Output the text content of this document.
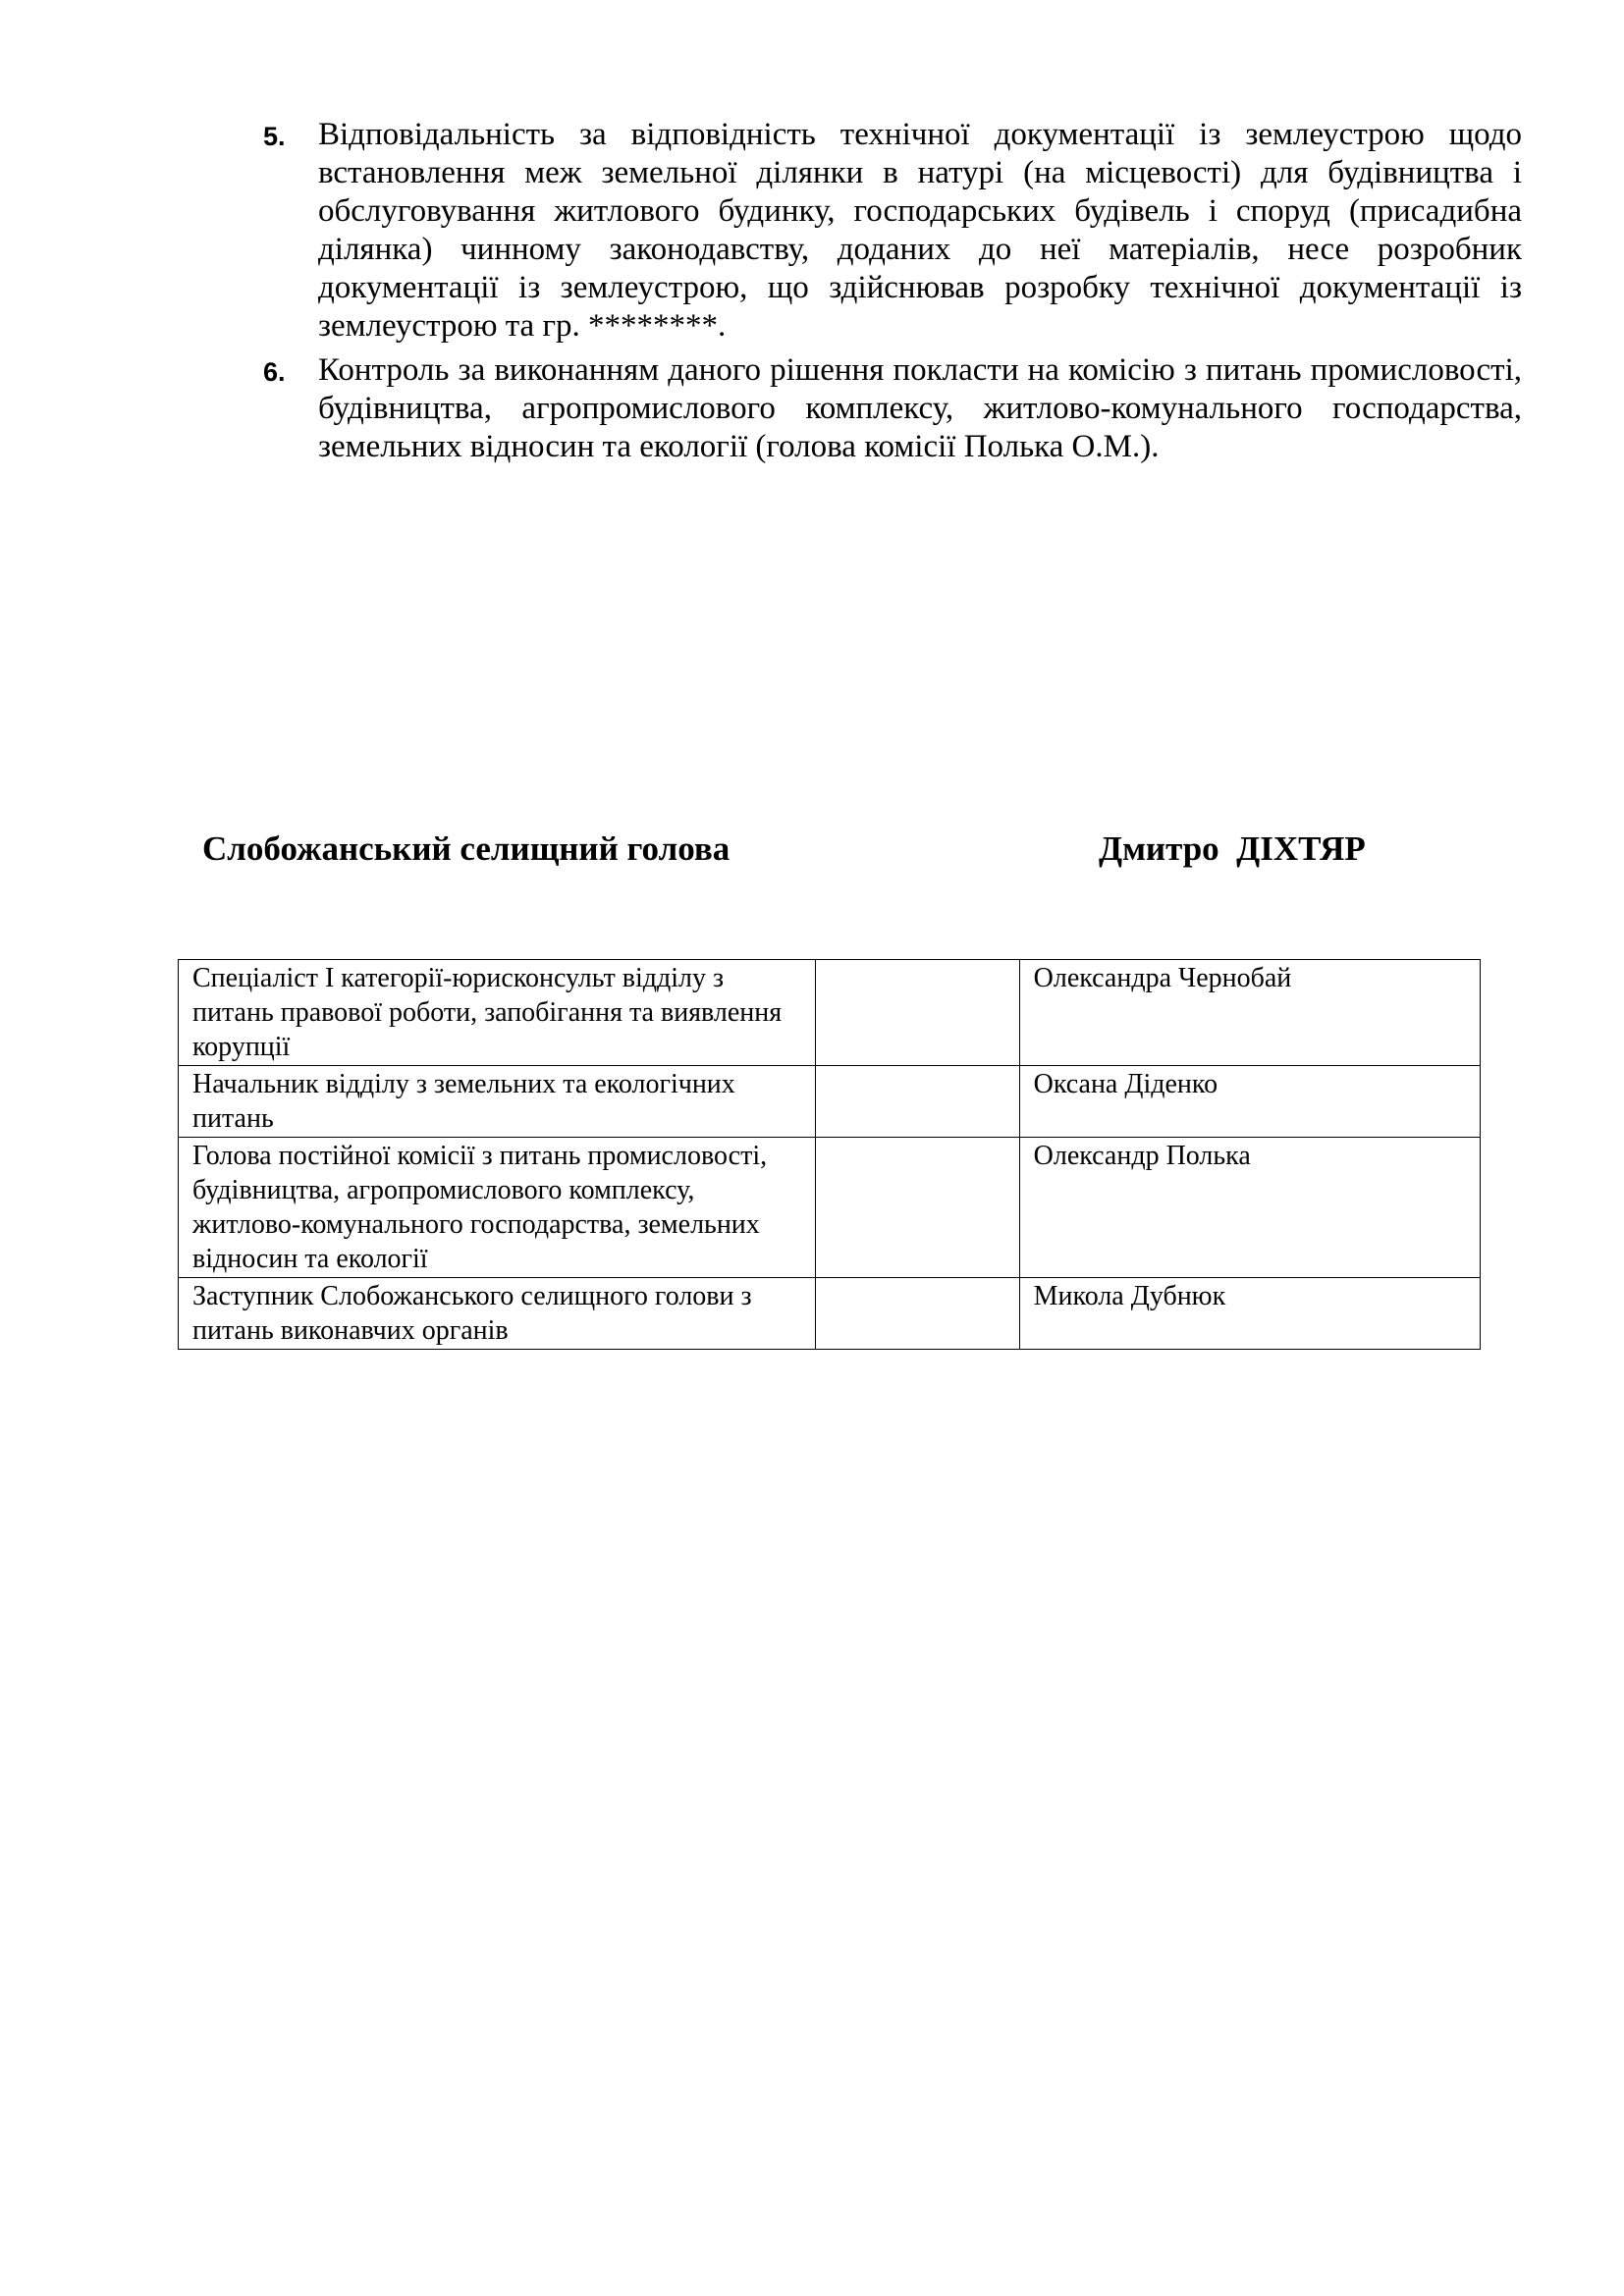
5.	Відповідальність за відповідність технічної документації із землеустрою щодо встановлення меж земельної ділянки в натурі (на місцевості) для будівництва і обслуговування житлового будинку, господарських будівель і споруд (присадибна ділянка) чинному законодавству, доданих до неї матеріалів, несе розробник документації із землеустрою, що здійснював розробку технічної документації із землеустрою та гр. ********.
6.	Контроль за виконанням даного рішення покласти на комісію з питань промисловості, будівництва, агропромислового комплексу, житлово-комунального господарства, земельних відносин та екології (голова комісії Полька О.М.).
Слобожанський селищний голова	Дмитро  ДІХТЯР
Спеціаліст І категорії-юрисконсульт відділу з питань правової роботи, запобігання та виявлення корупції		Олександра Чернобай
Начальник відділу з земельних та екологічних питань		Оксана Діденко
Голова постійної комісії з питань промисловості, будівництва, агропромислового комплексу, житлово-комунального господарства, земельних відносин та екології		Олександр Полька
Заступник Слобожанського селищного голови з питань виконавчих органів		Микола Дубнюк
